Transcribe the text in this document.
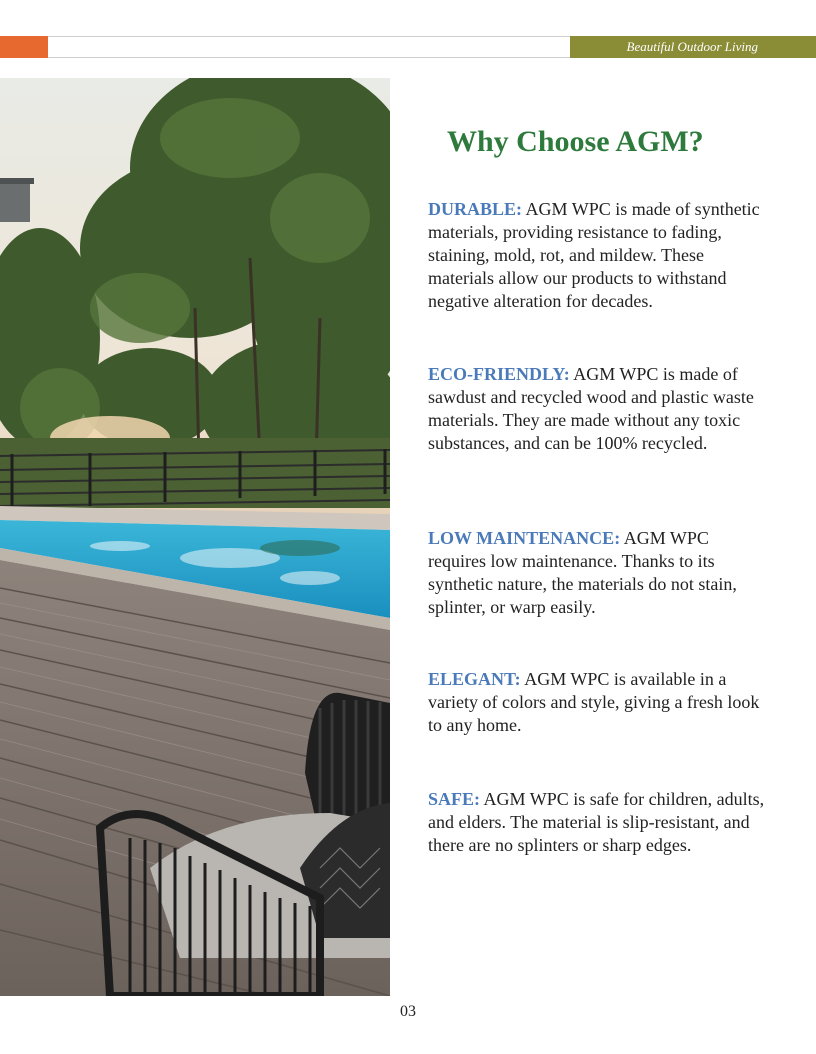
Beautiful Outdoor Living
Why Choose AGM?

DURABLE: AGM WPC is made of synthetic materials, providing resistance to fading, staining, mold, rot, and mildew. These materials allow our products to withstand negative alteration for decades.

ECO-FRIENDLY: AGM WPC is made of sawdust and recycled wood and plastic waste materials. They are made without any toxic substances, and can be 100% recycled.

LOW MAINTENANCE: AGM WPC requires low maintenance. Thanks to its synthetic nature, the materials do not stain, splinter, or warp easily.

ELEGANT: AGM WPC is available in a variety of colors and style, giving a fresh look to any home.

SAFE: AGM WPC is safe for children, adults, and elders. The material is slip-resistant, and there are no splinters or sharp edges.

03
